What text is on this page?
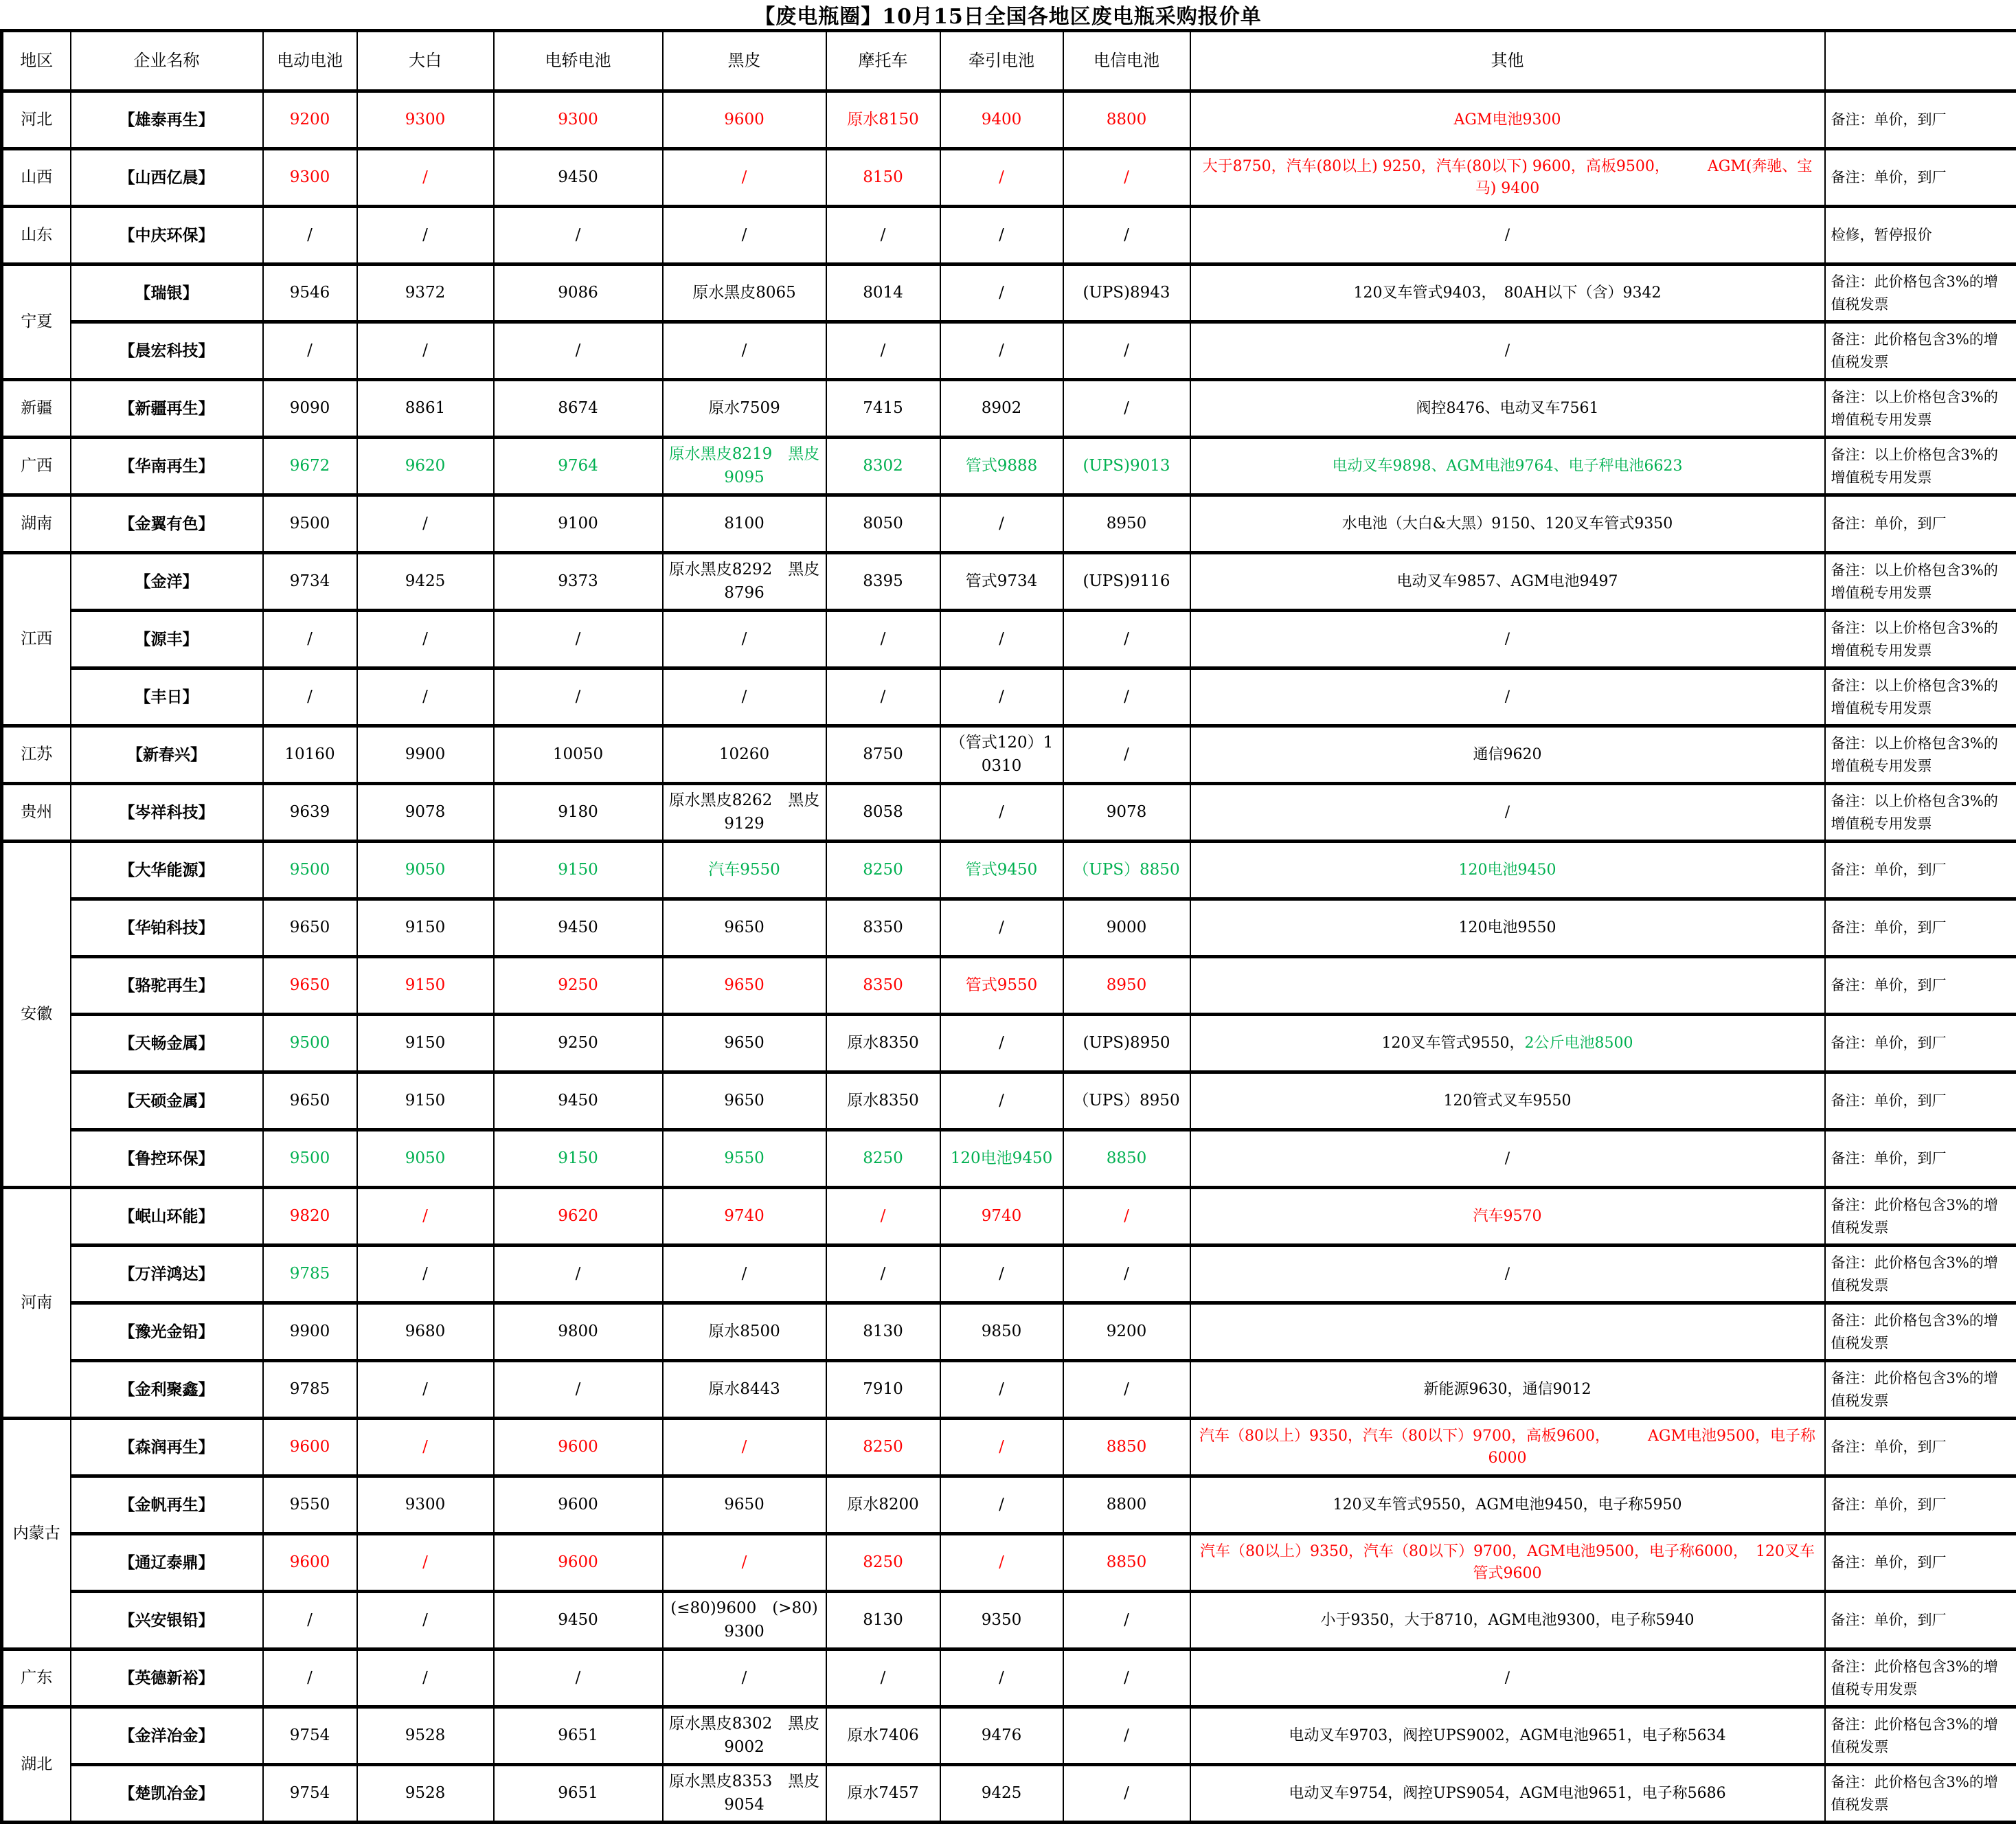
【废电瓶圈】10月15日全国各地区废电瓶采购报价单
地区	企业名称	电动电池	大白	电轿电池	黑皮	摩托车	牵引电池	电信电池	其他	
河北	【雄泰再生】	9200	9300	9300	9600	原水8150	9400	8800	AGM电池9300	备注：单价，到厂
山西	【山西亿晨】	9300	/	9450	/	8150	/	/	大于8750，汽车(80以上) 9250，汽车(80以下) 9600，高板9500，　　　AGM(奔驰、宝马) 9400	备注：单价，到厂
山东	【中庆环保】	/	/	/	/	/	/	/	/	检修，暂停报价
宁夏	【瑞银】	9546	9372	9086	原水黑皮8065	8014	/	(UPS)8943	120叉车管式9403，　80AH以下（含）9342	备注：此价格包含3%的增值税发票
	【晨宏科技】	/	/	/	/	/	/	/	/	备注：此价格包含3%的增值税发票
新疆	【新疆再生】	9090	8861	8674	原水7509	7415	8902	/	阀控8476、电动叉车7561	备注：以上价格包含3%的增值税专用发票
广西	【华南再生】	9672	9620	9764	原水黑皮8219　黑皮9095	8302	管式9888	(UPS)9013	电动叉车9898、AGM电池9764、电子秤电池6623	备注：以上价格包含3%的增值税专用发票
湖南	【金翼有色】	9500	/	9100	8100	8050	/	8950	水电池（大白&大黑）9150、120叉车管式9350	备注：单价，到厂
江西	【金洋】	9734	9425	9373	原水黑皮8292　黑皮8796	8395	管式9734	(UPS)9116	电动叉车9857、AGM电池9497	备注：以上价格包含3%的增值税专用发票
	【源丰】	/	/	/	/	/	/	/	/	备注：以上价格包含3%的增值税专用发票
	【丰日】	/	/	/	/	/	/	/	/	备注：以上价格包含3%的增值税专用发票
江苏	【新春兴】	10160	9900	10050	10260	8750	（管式120）10310	/	通信9620	备注：以上价格包含3%的增值税专用发票
贵州	【岑祥科技】	9639	9078	9180	原水黑皮8262　黑皮9129	8058	/	9078	/	备注：以上价格包含3%的增值税专用发票
安徽	【大华能源】	9500	9050	9150	汽车9550	8250	管式9450	（UPS）8850	120电池9450	备注：单价，到厂
	【华铂科技】	9650	9150	9450	9650	8350	/	9000	120电池9550	备注：单价，到厂
	【骆驼再生】	9650	9150	9250	9650	8350	管式9550	8950		备注：单价，到厂
	【天畅金属】	9500	9150	9250	9650	原水8350	/	(UPS)8950	120叉车管式9550，2公斤电池8500	备注：单价，到厂
	【天硕金属】	9650	9150	9450	9650	原水8350	/	（UPS）8950	120管式叉车9550	备注：单价，到厂
	【鲁控环保】	9500	9050	9150	9550	8250	120电池9450	8850	/	备注：单价，到厂
河南	【岷山环能】	9820	/	9620	9740	/	9740	/	汽车9570	备注：此价格包含3%的增值税发票
	【万洋鸿达】	9785	/	/	/	/	/	/	/	备注：此价格包含3%的增值税发票
	【豫光金铅】	9900	9680	9800	原水8500	8130	9850	9200		备注：此价格包含3%的增值税发票
	【金利聚鑫】	9785	/	/	原水8443	7910	/	/	新能源9630，通信9012	备注：此价格包含3%的增值税发票
内蒙古	【森润再生】	9600	/	9600	/	8250	/	8850	汽车（80以上）9350，汽车（80以下）9700，高板9600，　　　AGM电池9500，电子称6000	备注：单价，到厂
	【金帆再生】	9550	9300	9600	9650	原水8200	/	8800	120叉车管式9550，AGM电池9450，电子称5950	备注：单价，到厂
	【通辽泰鼎】	9600	/	9600	/	8250	/	8850	汽车（80以上）9350，汽车（80以下）9700，AGM电池9500，电子称6000，　120叉车管式9600	备注：单价，到厂
	【兴安银铅】	/	/	9450	(≤80)9600　(>80)9300	8130	9350	/	小于9350，大于8710，AGM电池9300，电子称5940	备注：单价，到厂
广东	【英德新裕】	/	/	/	/	/	/	/	/	备注：此价格包含3%的增值税专用发票
湖北	【金洋冶金】	9754	9528	9651	原水黑皮8302　黑皮9002	原水7406	9476	/	电动叉车9703，阀控UPS9002，AGM电池9651，电子称5634	备注：此价格包含3%的增值税发票
	【楚凯冶金】	9754	9528	9651	原水黑皮8353　黑皮9054	原水7457	9425	/	电动叉车9754，阀控UPS9054，AGM电池9651，电子称5686	备注：此价格包含3%的增值税发票
